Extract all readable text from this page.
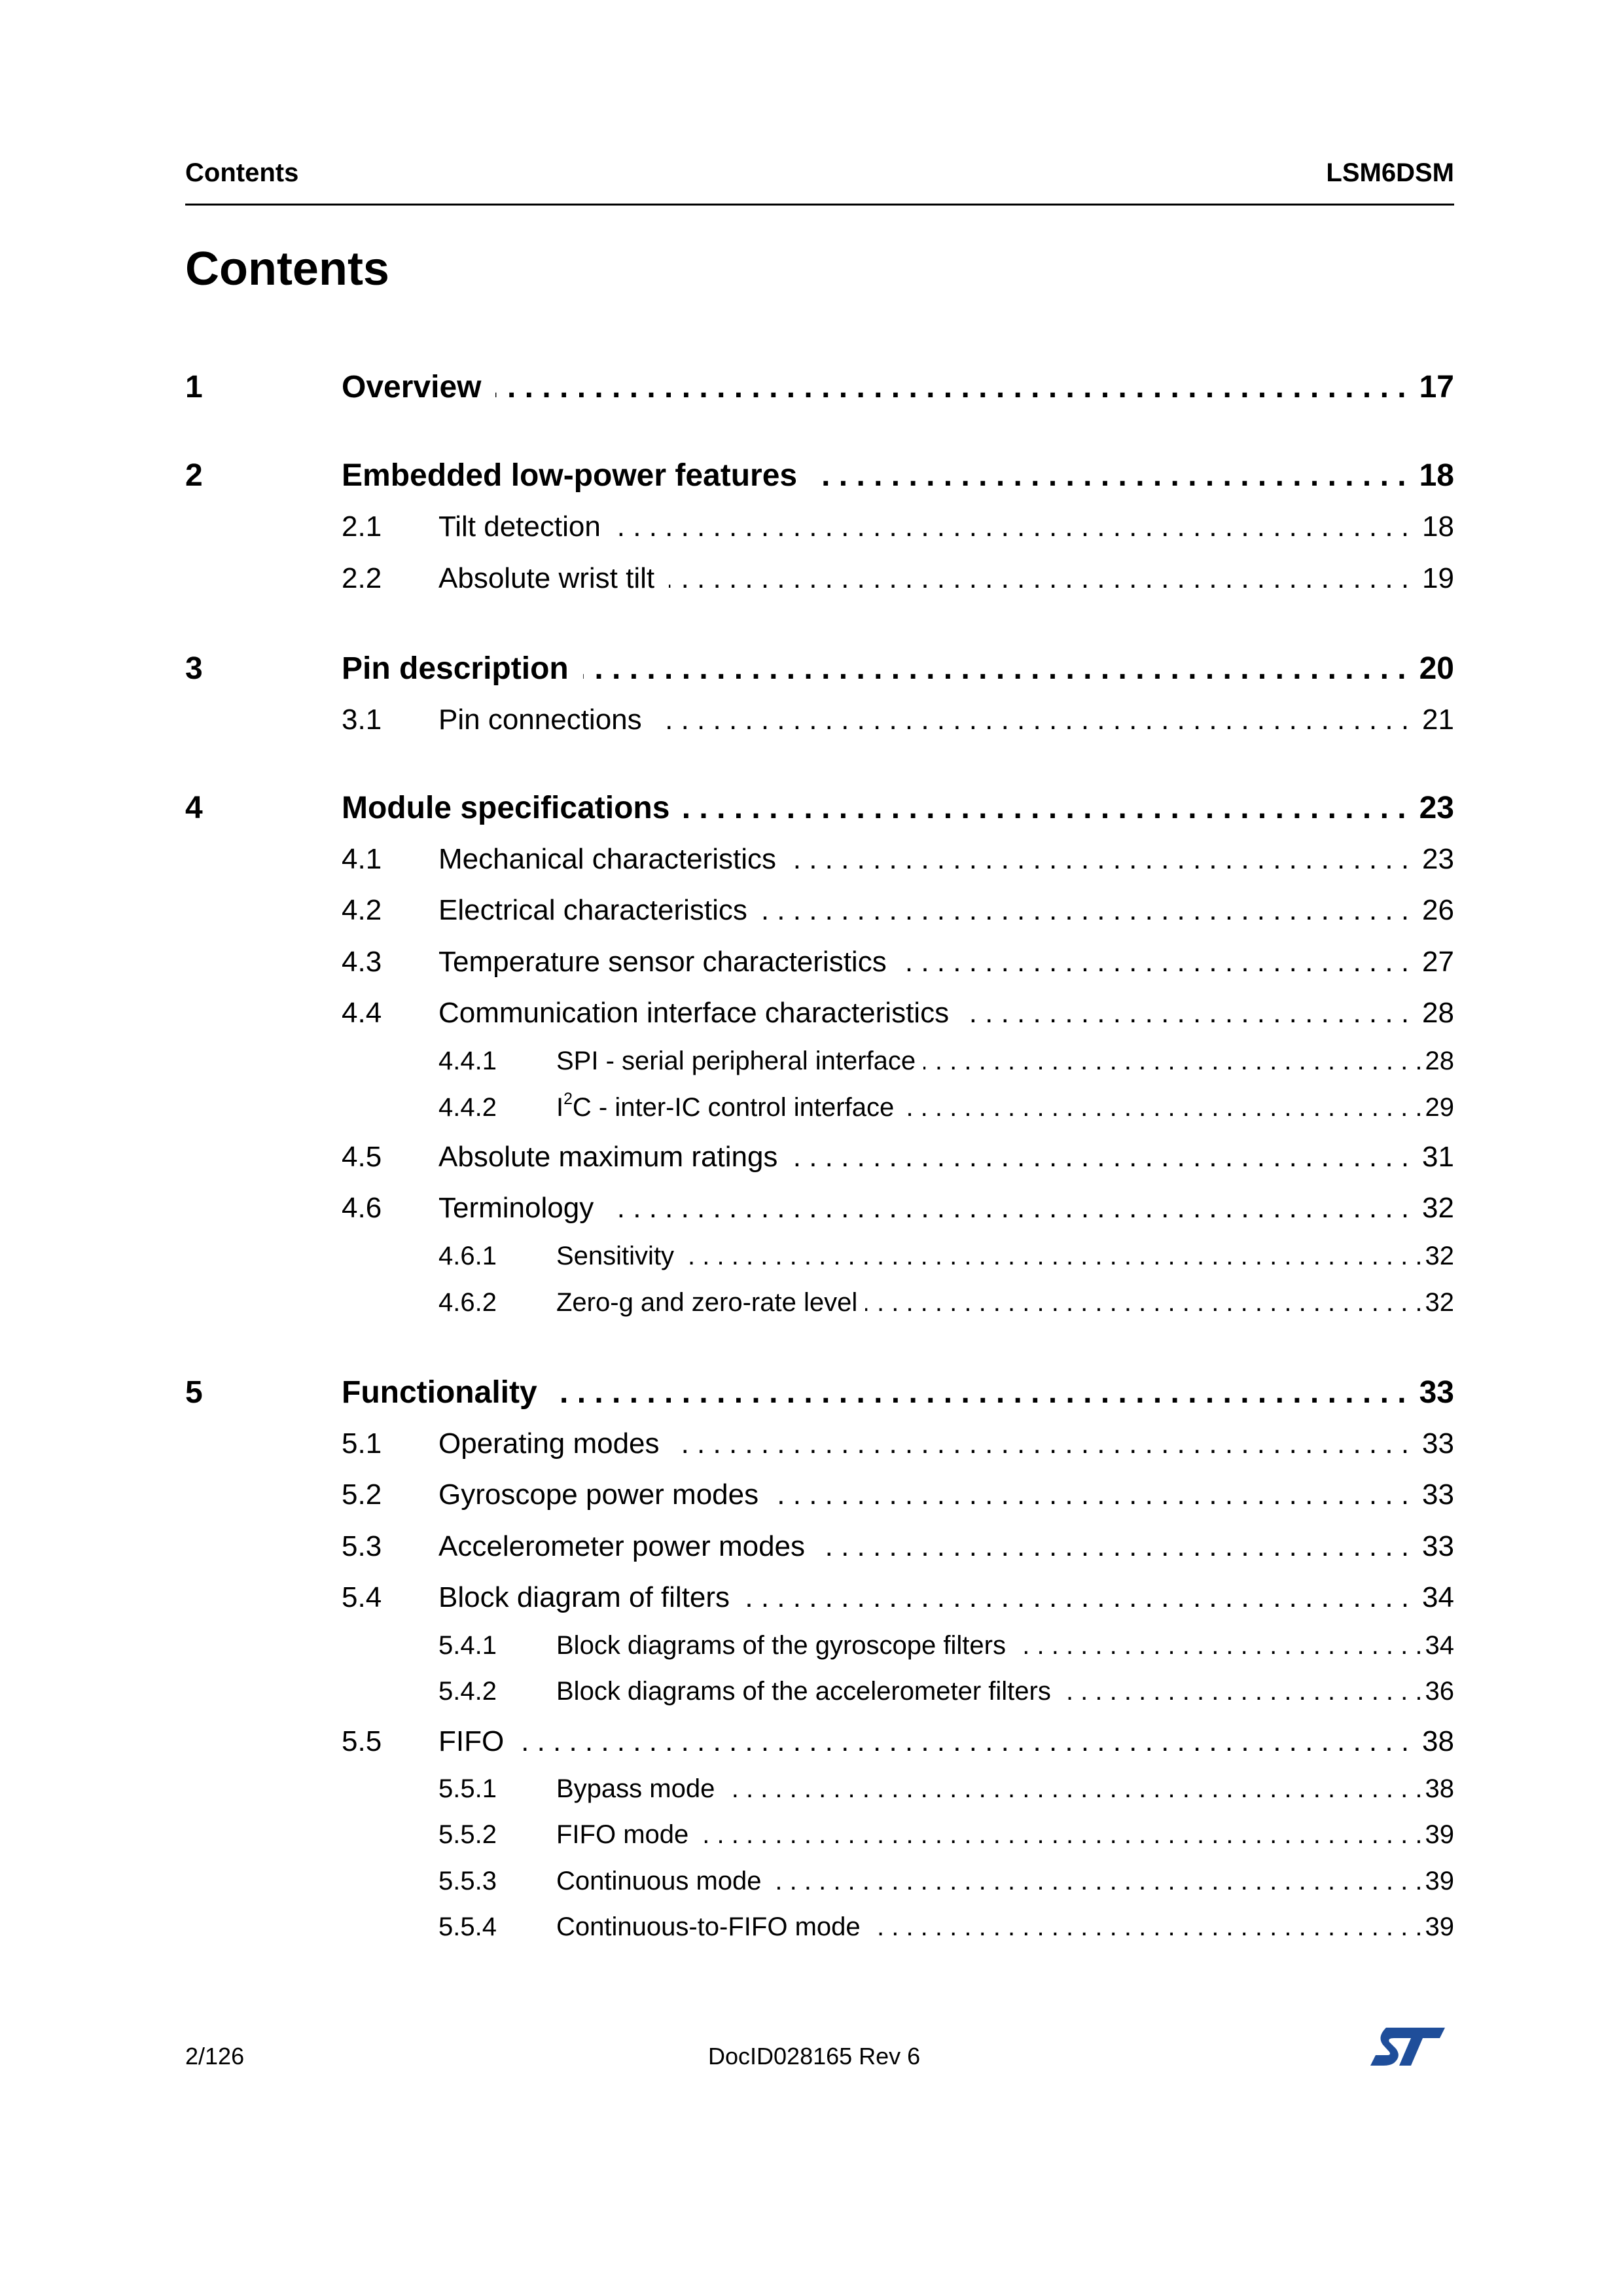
Contents	LSM6DSM
Contents
1	Overview . . .	17
2	Embedded low-power features . . .	18
2.1 Tilt detection . . .	18
2.2 Absolute wrist tilt . . .	19
3	Pin description . . .	20
3.1 Pin connections . . .	21
4	Module specifications . . .	23
4.1 Mechanical characteristics . . .	23
4.2 Electrical characteristics . . .	26
4.3 Temperature sensor characteristics . . .	27
4.4 Communication interface characteristics . . .	28
4.4.1 SPI - serial peripheral interface . . .	28
4.4.2 $I^2C$ - inter-IC control interface . . .	29
4.5 Absolute maximum ratings . . .	31
4.6 Terminology . . .	32
4.6.1 Sensitivity . . .	32
4.6.2 Zero-g and zero-rate level . . .	32
5	Functionality . . .	33
5.1 Operating modes . . .	33
5.2 Gyroscope power modes . . .	33
5.3 Accelerometer power modes . . .	33
5.4 Block diagram of filters . . .	34
5.4.1 Block diagrams of the gyroscope filters . . .	34
5.4.2 Block diagrams of the accelerometer filters . . .	36
5.5 FIFO . . .	38
5.5.1 Bypass mode . . .	38
5.5.2 FIFO mode . . .	39
5.5.3 Continuous mode . . .	39
5.5.4 Continuous-to-FIFO mode . . .	39
2/126	DocID028165 Rev 6
